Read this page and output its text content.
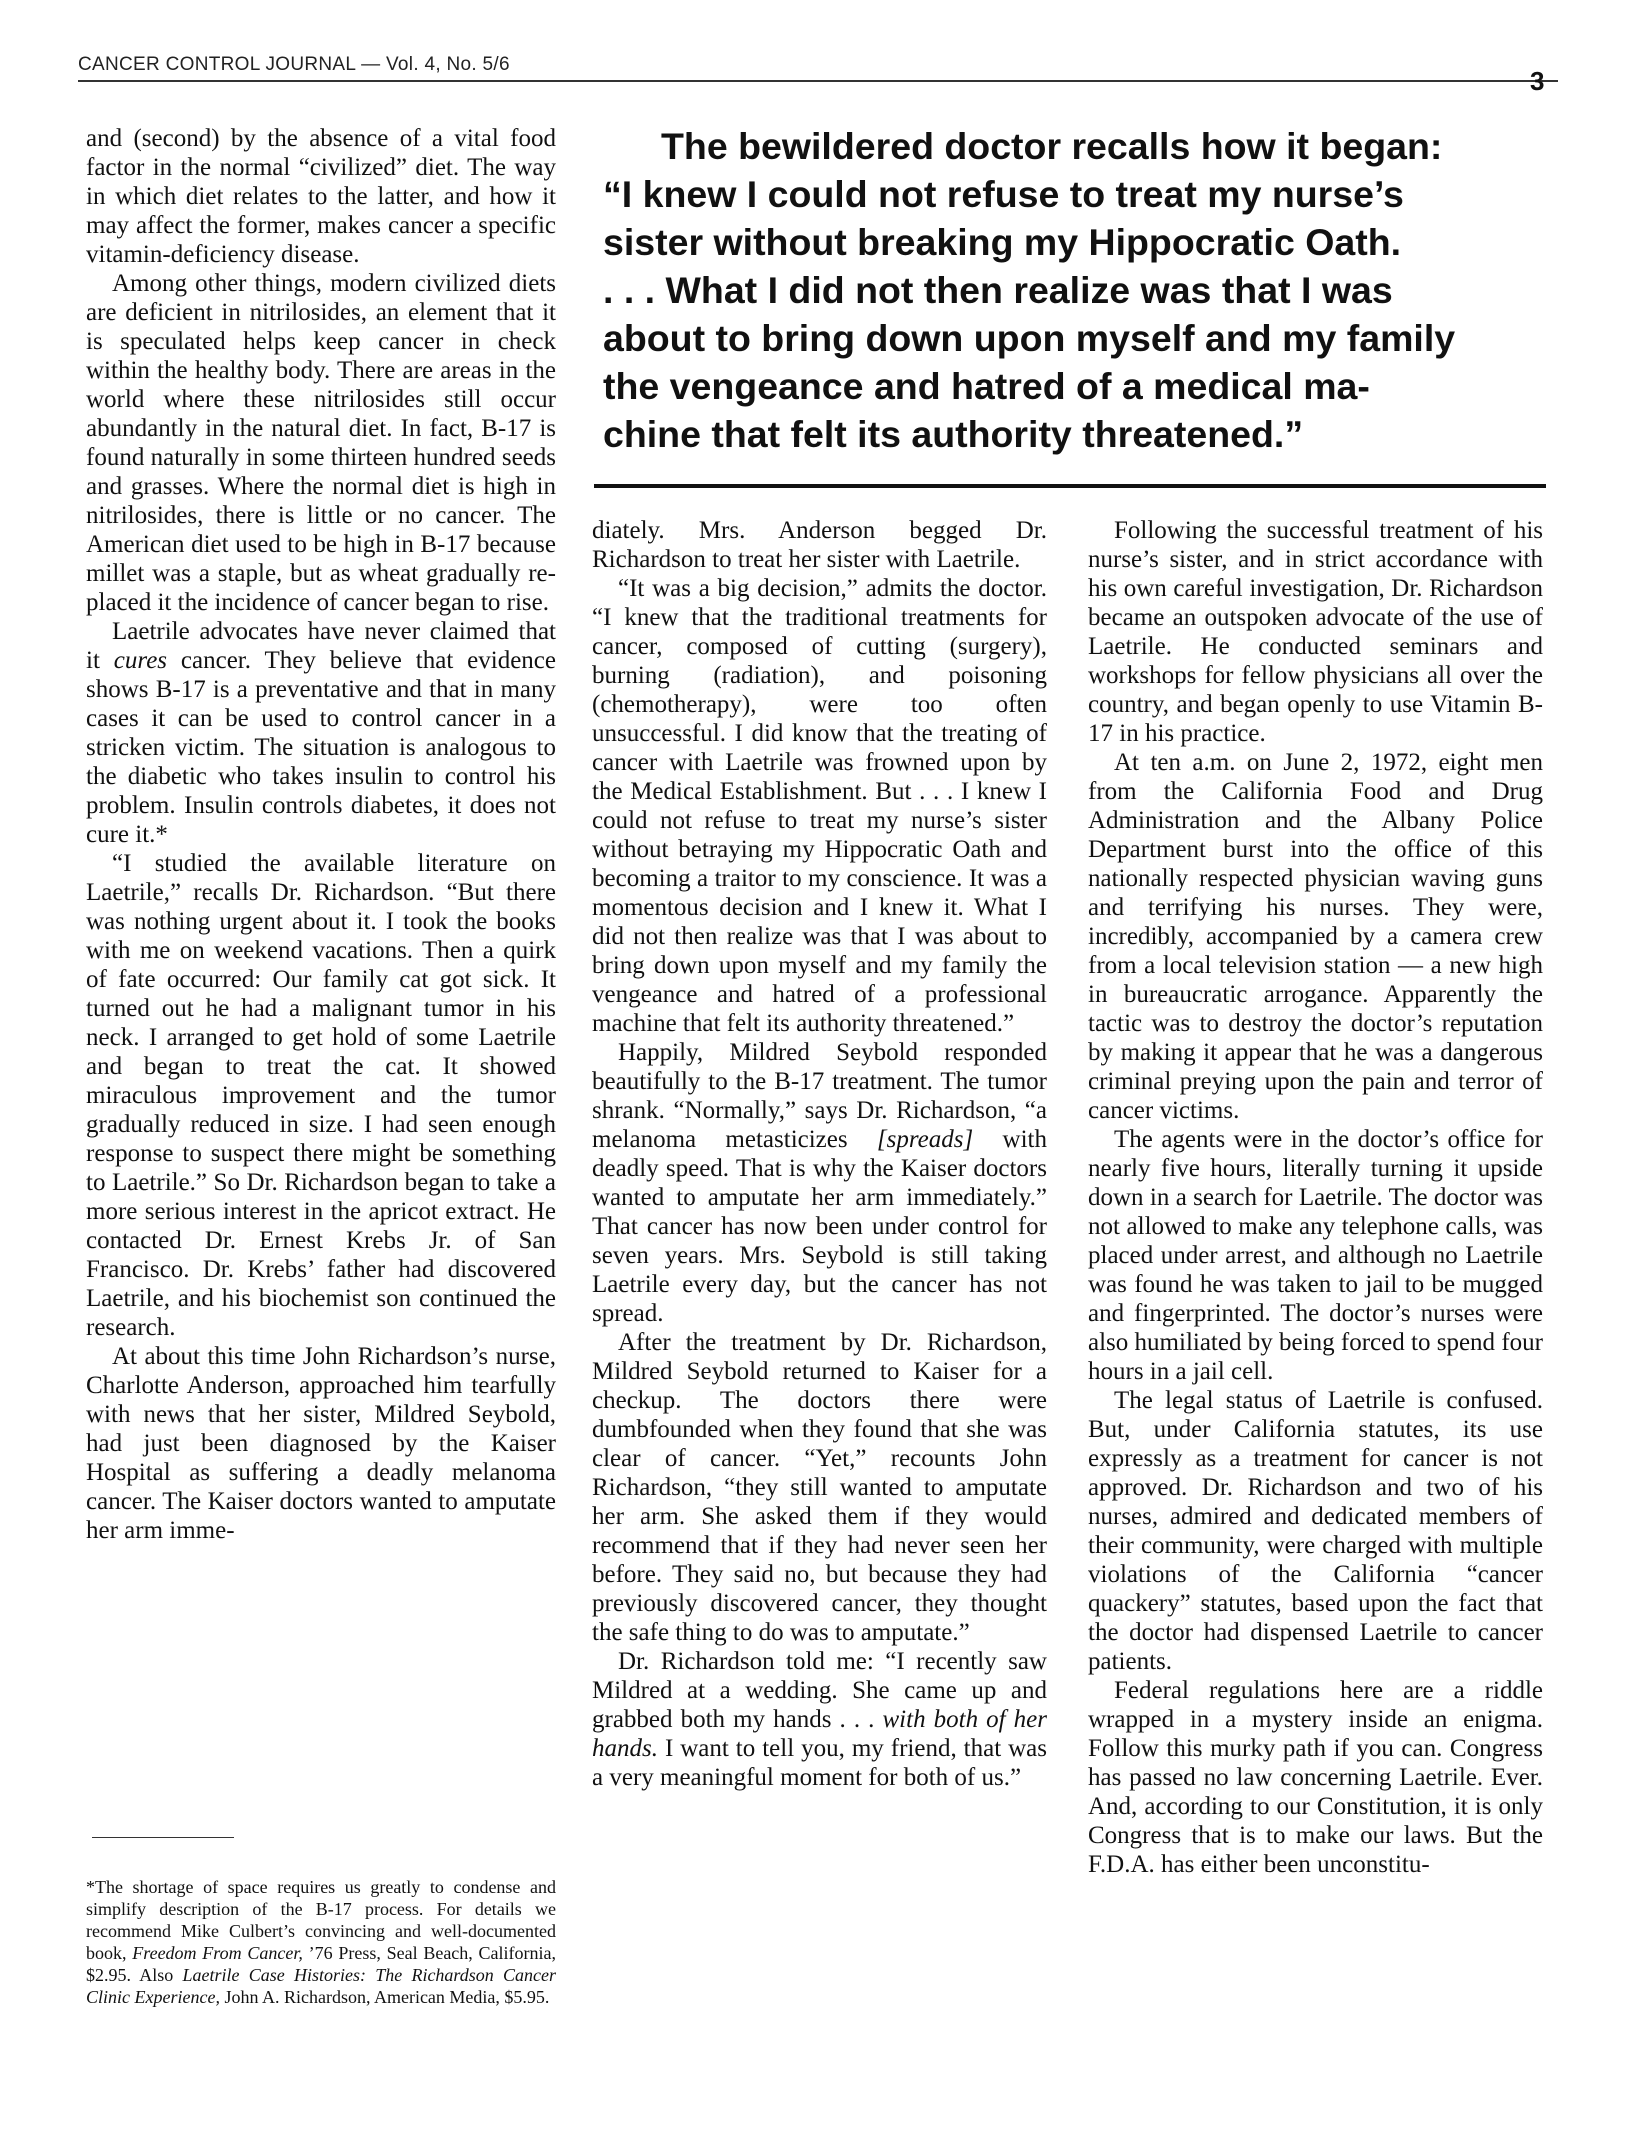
CANCER CONTROL JOURNAL — Vol. 4, No. 5/6
3

and (second) by the absence of a vital food factor in the normal “civilized” diet. The way in which diet relates to the latter, and how it may affect the former, makes cancer a specific vitamin-deficiency disease.

Among other things, modern civilized diets are deficient in nitrilosides, an element that it is speculated helps keep cancer in check within the healthy body. There are areas in the world where these nitrilosides still occur abundantly in the natural diet. In fact, B-17 is found naturally in some thirteen hundred seeds and grasses. Where the normal diet is high in nitrilosides, there is little or no cancer. The American diet used to be high in B-17 because millet was a staple, but as wheat gradually replaced it the incidence of cancer began to rise.

Laetrile advocates have never claimed that it cures cancer. They believe that evidence shows B-17 is a preventative and that in many cases it can be used to control cancer in a stricken victim. The situation is analogous to the diabetic who takes insulin to control his problem. Insulin controls diabetes, it does not cure it.*

“I studied the available literature on Laetrile,” recalls Dr. Richardson. “But there was nothing urgent about it. I took the books with me on weekend vacations. Then a quirk of fate occurred: Our family cat got sick. It turned out he had a malignant tumor in his neck. I arranged to get hold of some Laetrile and began to treat the cat. It showed miraculous improvement and the tumor gradually reduced in size. I had seen enough response to suspect there might be something to Laetrile.” So Dr. Richardson began to take a more serious interest in the apricot extract. He contacted Dr. Ernest Krebs Jr. of San Francisco. Dr. Krebs’ father had discovered Laetrile, and his biochemist son continued the research.

At about this time John Richardson’s nurse, Charlotte Anderson, approached him tearfully with news that her sister, Mildred Seybold, had just been diagnosed by the Kaiser Hospital as suffering a deadly melanoma cancer. The Kaiser doctors wanted to amputate her arm imme-

*The shortage of space requires us greatly to condense and simplify description of the B-17 process. For details we recommend Mike Culbert’s convincing and well-documented book, Freedom From Cancer, ’76 Press, Seal Beach, California, $2.95. Also Laetrile Case Histories: The Richardson Cancer Clinic Experience, John A. Richardson, American Media, $5.95.
The bewildered doctor recalls how it began:
“I knew I could not refuse to treat my nurse’s
sister without breaking my Hippocratic Oath.
. . . What I did not then realize was that I was
about to bring down upon myself and my family
the vengeance and hatred of a medical ma-
chine that felt its authority threatened.”

diately. Mrs. Anderson begged Dr. Richardson to treat her sister with Laetrile.

“It was a big decision,” admits the doctor. “I knew that the traditional treatments for cancer, composed of cutting (surgery), burning (radiation), and poisoning (chemotherapy), were too often unsuccessful. I did know that the treating of cancer with Laetrile was frowned upon by the Medical Establishment. But . . . I knew I could not refuse to treat my nurse’s sister without betraying my Hippocratic Oath and becoming a traitor to my conscience. It was a momentous decision and I knew it. What I did not then realize was that I was about to bring down upon myself and my family the vengeance and hatred of a professional machine that felt its authority threatened.”

Happily, Mildred Seybold responded beautifully to the B-17 treatment. The tumor shrank. “Normally,” says Dr. Richardson, “a melanoma metasticizes [spreads] with deadly speed. That is why the Kaiser doctors wanted to amputate her arm immediately.” That cancer has now been under control for seven years. Mrs. Seybold is still taking Laetrile every day, but the cancer has not spread.

After the treatment by Dr. Richardson, Mildred Seybold returned to Kaiser for a checkup. The doctors there were dumbfounded when they found that she was clear of cancer. “Yet,” recounts John Richardson, “they still wanted to amputate her arm. She asked them if they would recommend that if they had never seen her before. They said no, but because they had previously discovered cancer, they thought the safe thing to do was to amputate.”

Dr. Richardson told me: “I recently saw Mildred at a wedding. She came up and grabbed both my hands . . . with both of her hands. I want to tell you, my friend, that was a very meaningful moment for both of us.”

Following the successful treatment of his nurse’s sister, and in strict accordance with his own careful investigation, Dr. Richardson became an outspoken advocate of the use of Laetrile. He conducted seminars and workshops for fellow physicians all over the country, and began openly to use Vitamin B-17 in his practice.

At ten a.m. on June 2, 1972, eight men from the California Food and Drug Administration and the Albany Police Department burst into the office of this nationally respected physician waving guns and terrifying his nurses. They were, incredibly, accompanied by a camera crew from a local television station — a new high in bureaucratic arrogance. Apparently the tactic was to destroy the doctor’s reputation by making it appear that he was a dangerous criminal preying upon the pain and terror of cancer victims.

The agents were in the doctor’s office for nearly five hours, literally turning it upside down in a search for Laetrile. The doctor was not allowed to make any telephone calls, was placed under arrest, and although no Laetrile was found he was taken to jail to be mugged and fingerprinted. The doctor’s nurses were also humiliated by being forced to spend four hours in a jail cell.

The legal status of Laetrile is confused. But, under California statutes, its use expressly as a treatment for cancer is not approved. Dr. Richardson and two of his nurses, admired and dedicated members of their community, were charged with multiple violations of the California “cancer quackery” statutes, based upon the fact that the doctor had dispensed Laetrile to cancer patients.

Federal regulations here are a riddle wrapped in a mystery inside an enigma. Follow this murky path if you can. Congress has passed no law concerning Laetrile. Ever. And, according to our Constitution, it is only Congress that is to make our laws. But the F.D.A. has either been unconstitu-
